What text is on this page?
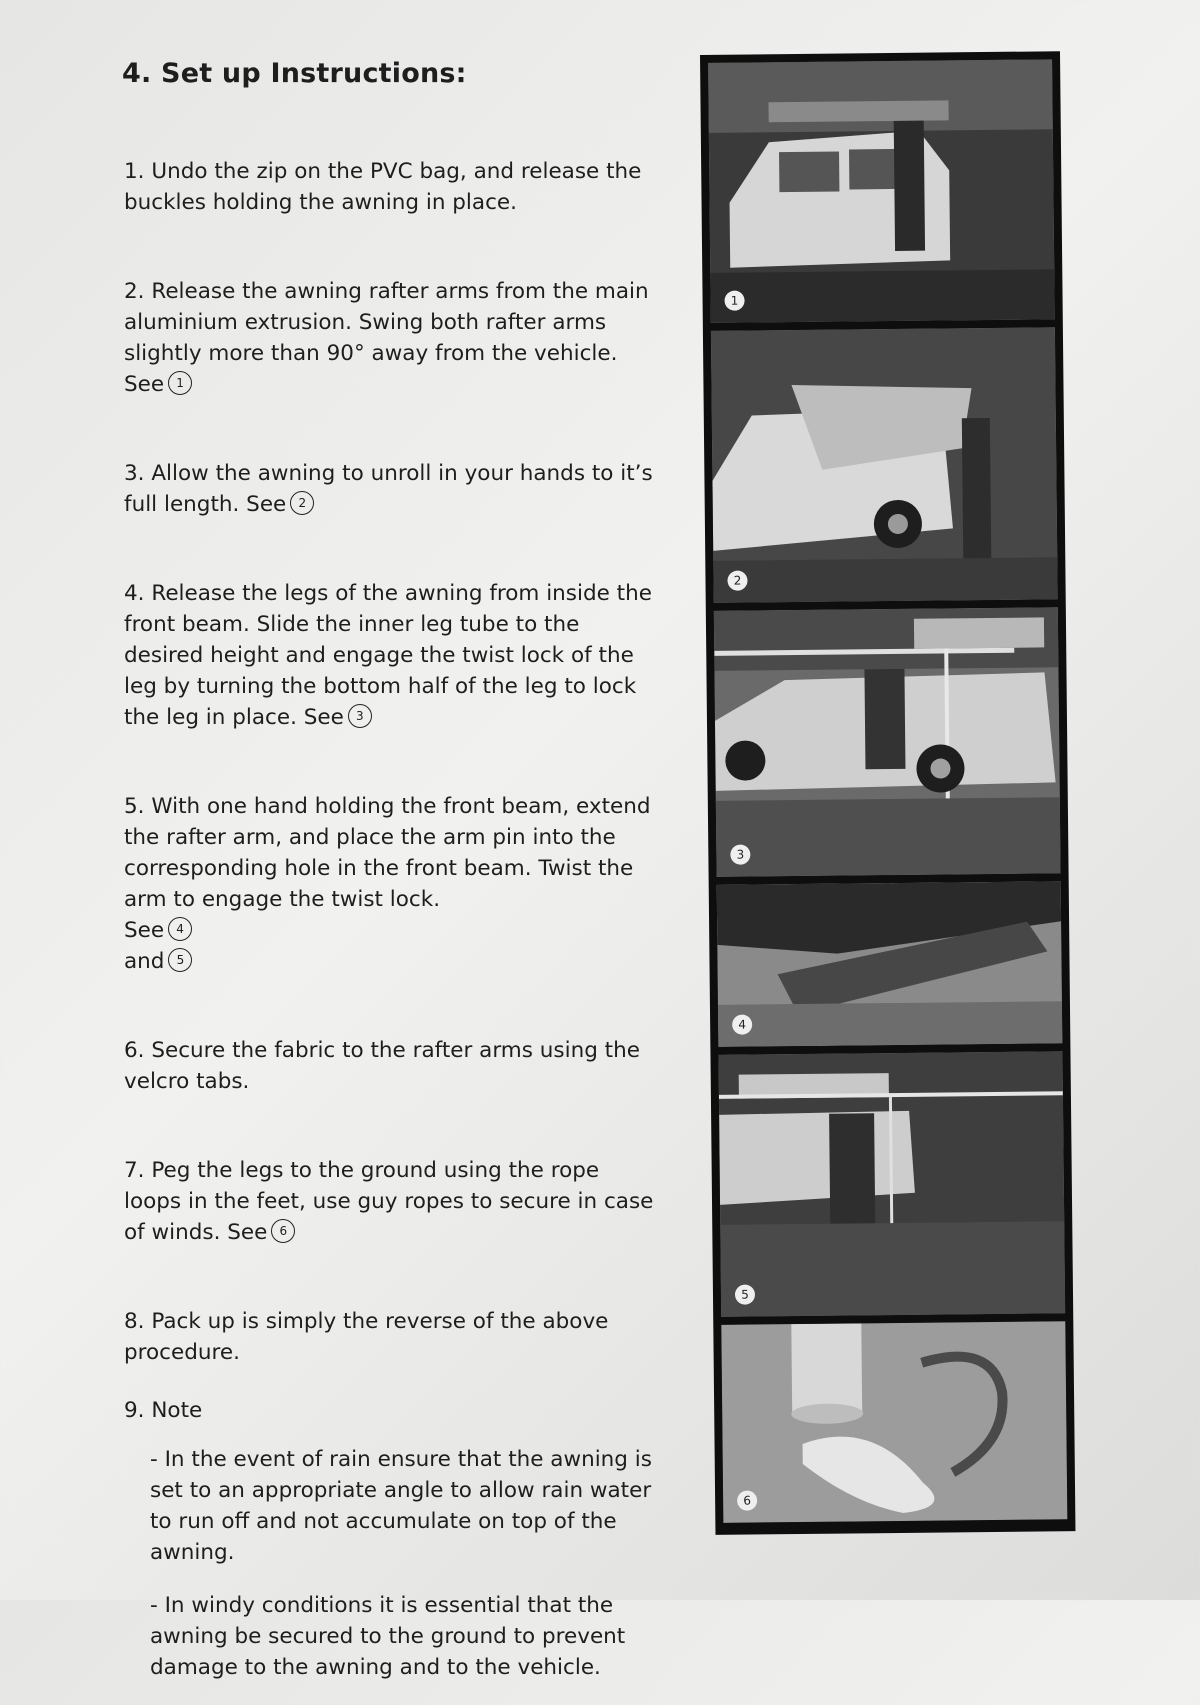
4. Set up Instructions:

1. Undo the zip on the PVC bag, and release the
buckles holding the awning in place.

2. Release the awning rafter arms from the main
aluminium extrusion. Swing both rafter arms
slightly more than 90° away from the vehicle.
See 1

3. Allow the awning to unroll in your hands to it’s
full length. See 2

4. Release the legs of the awning from inside the
front beam. Slide the inner leg tube to the
desired height and engage the twist lock of the
leg by turning the bottom half of the leg to lock
the leg in place. See 3

5. With one hand holding the front beam, extend
the rafter arm, and place the arm pin into the
corresponding hole in the front beam. Twist the
arm to engage the twist lock.
See 4
and 5

6. Secure the fabric to the rafter arms using the
velcro tabs.

7. Peg the legs to the ground using the rope
loops in the feet, use guy ropes to secure in case
of winds. See 6

8. Pack up is simply the reverse of the above
procedure.

9. Note
- In the event of rain ensure that the awning is
set to an appropriate angle to allow rain water
to run off and not accumulate on top of the
awning.
- In windy conditions it is essential that the
awning be secured to the ground to prevent
damage to the awning and to the vehicle.
1
2
3
4
5
6
